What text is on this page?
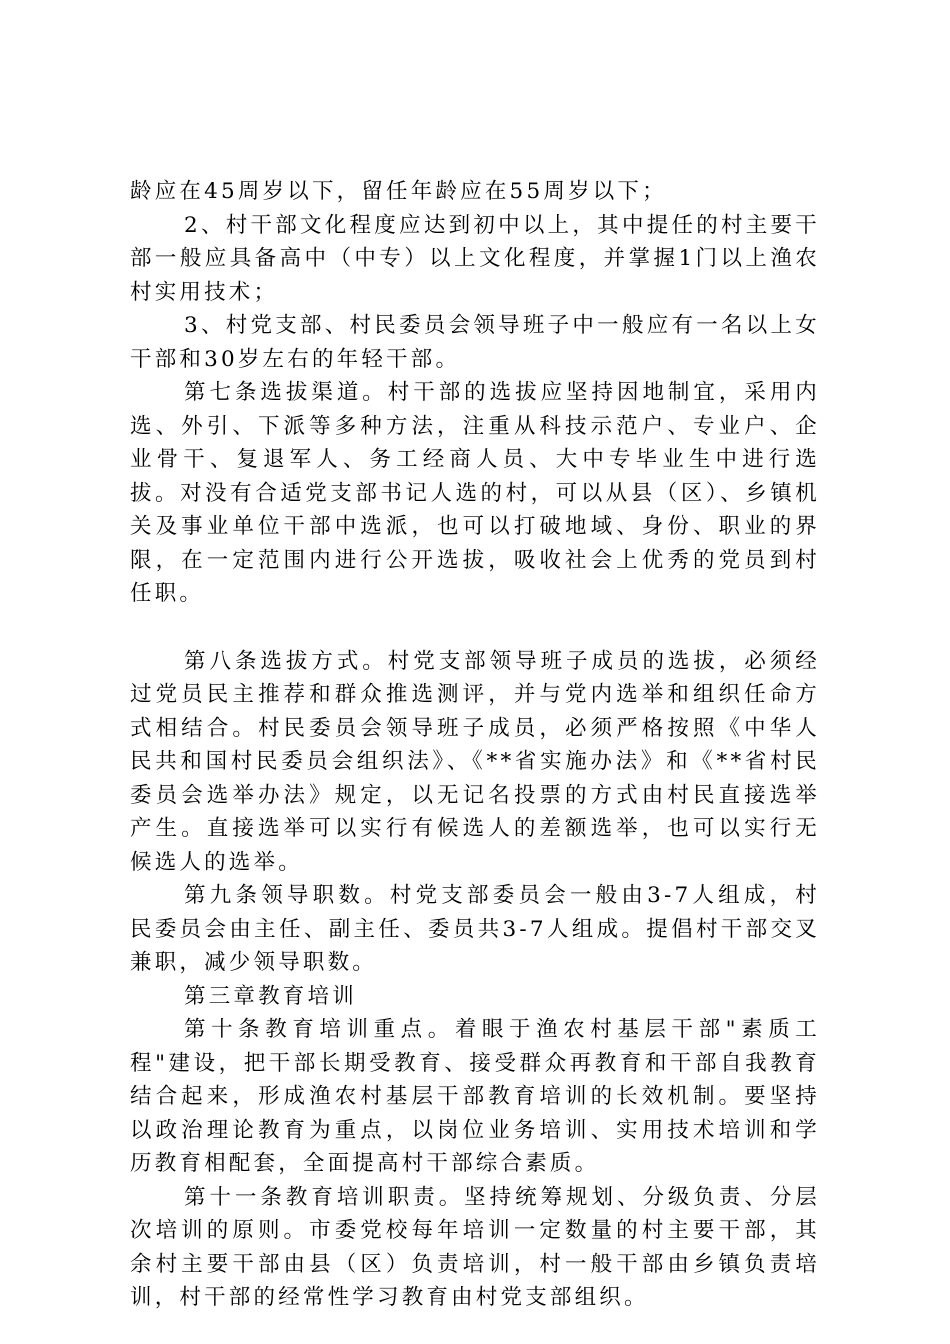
龄应在45周岁以下，留任年龄应在55周岁以下；

2、村干部文化程度应达到初中以上，其中提任的村主要干部一般应具备高中（中专）以上文化程度，并掌握1门以上渔农村实用技术；

3、村党支部、村民委员会领导班子中一般应有一名以上女干部和30岁左右的年轻干部。

第七条选拔渠道。村干部的选拔应坚持因地制宜，采用内选、外引、下派等多种方法，注重从科技示范户、专业户、企业骨干、复退军人、务工经商人员、大中专毕业生中进行选拔。对没有合适党支部书记人选的村，可以从县（区）、乡镇机关及事业单位干部中选派，也可以打破地域、身份、职业的界限，在一定范围内进行公开选拔，吸收社会上优秀的党员到村任职。

第八条选拔方式。村党支部领导班子成员的选拔，必须经过党员民主推荐和群众推选测评，并与党内选举和组织任命方式相结合。村民委员会领导班子成员，必须严格按照《中华人民共和国村民委员会组织法》、《**省实施办法》和《**省村民委员会选举办法》规定，以无记名投票的方式由村民直接选举产生。直接选举可以实行有候选人的差额选举，也可以实行无候选人的选举。

第九条领导职数。村党支部委员会一般由3-7人组成，村民委员会由主任、副主任、委员共3-7人组成。提倡村干部交叉兼职，减少领导职数。

第三章教育培训

第十条教育培训重点。着眼于渔农村基层干部"素质工程"建设，把干部长期受教育、接受群众再教育和干部自我教育结合起来，形成渔农村基层干部教育培训的长效机制。要坚持以政治理论教育为重点，以岗位业务培训、实用技术培训和学历教育相配套，全面提高村干部综合素质。

第十一条教育培训职责。坚持统筹规划、分级负责、分层次培训的原则。市委党校每年培训一定数量的村主要干部，其余村主要干部由县（区）负责培训，村一般干部由乡镇负责培训，村干部的经常性学习教育由村党支部组织。
